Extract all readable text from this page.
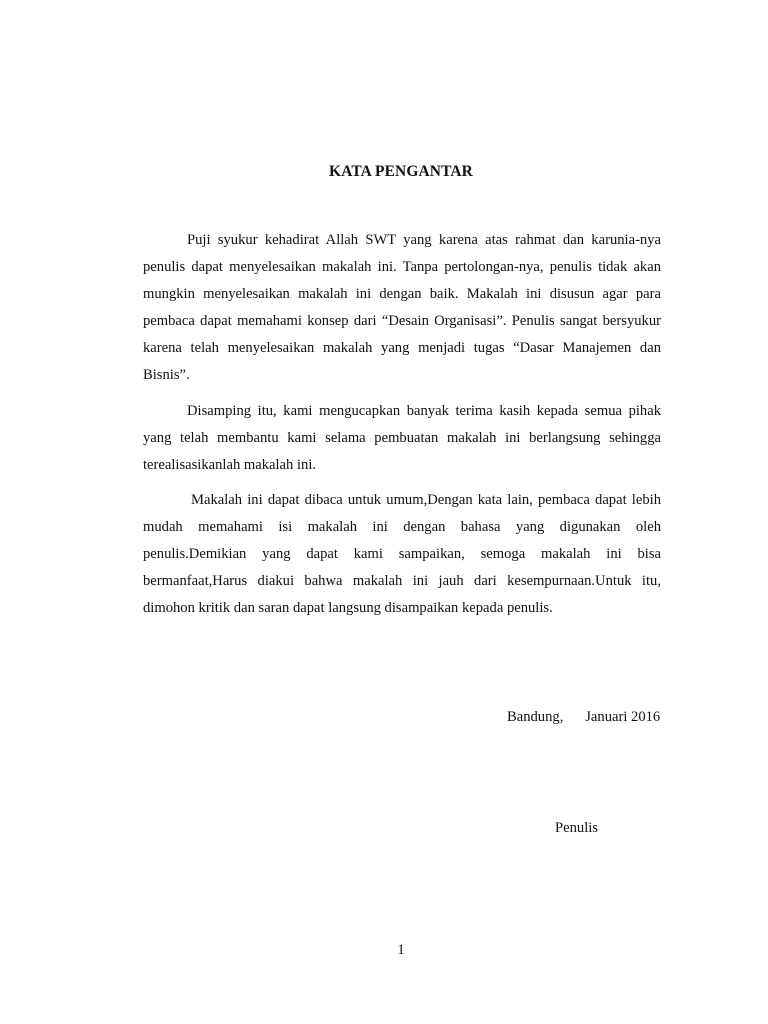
KATA PENGANTAR

Puji syukur kehadirat Allah SWT yang karena atas rahmat dan karunia-nya penulis dapat menyelesaikan makalah ini. Tanpa pertolongan-nya, penulis tidak akan mungkin menyelesaikan makalah ini dengan baik. Makalah ini disusun agar para pembaca dapat memahami konsep dari “Desain Organisasi”. Penulis sangat bersyukur karena telah menyelesaikan makalah yang menjadi tugas “Dasar Manajemen dan Bisnis”.

Disamping itu, kami mengucapkan banyak terima kasih kepada semua pihak yang telah membantu kami selama pembuatan makalah ini berlangsung sehingga terealisasikanlah makalah ini.

Makalah ini dapat dibaca untuk umum,Dengan kata lain, pembaca dapat lebih mudah memahami isi makalah ini dengan bahasa yang digunakan oleh penulis.Demikian yang dapat kami sampaikan, semoga makalah ini bisa bermanfaat,Harus diakui bahwa makalah ini jauh dari kesempurnaan.Untuk itu, dimohon kritik dan saran dapat langsung disampaikan kepada penulis.

Bandung,      Januari 2016
Penulis
1
